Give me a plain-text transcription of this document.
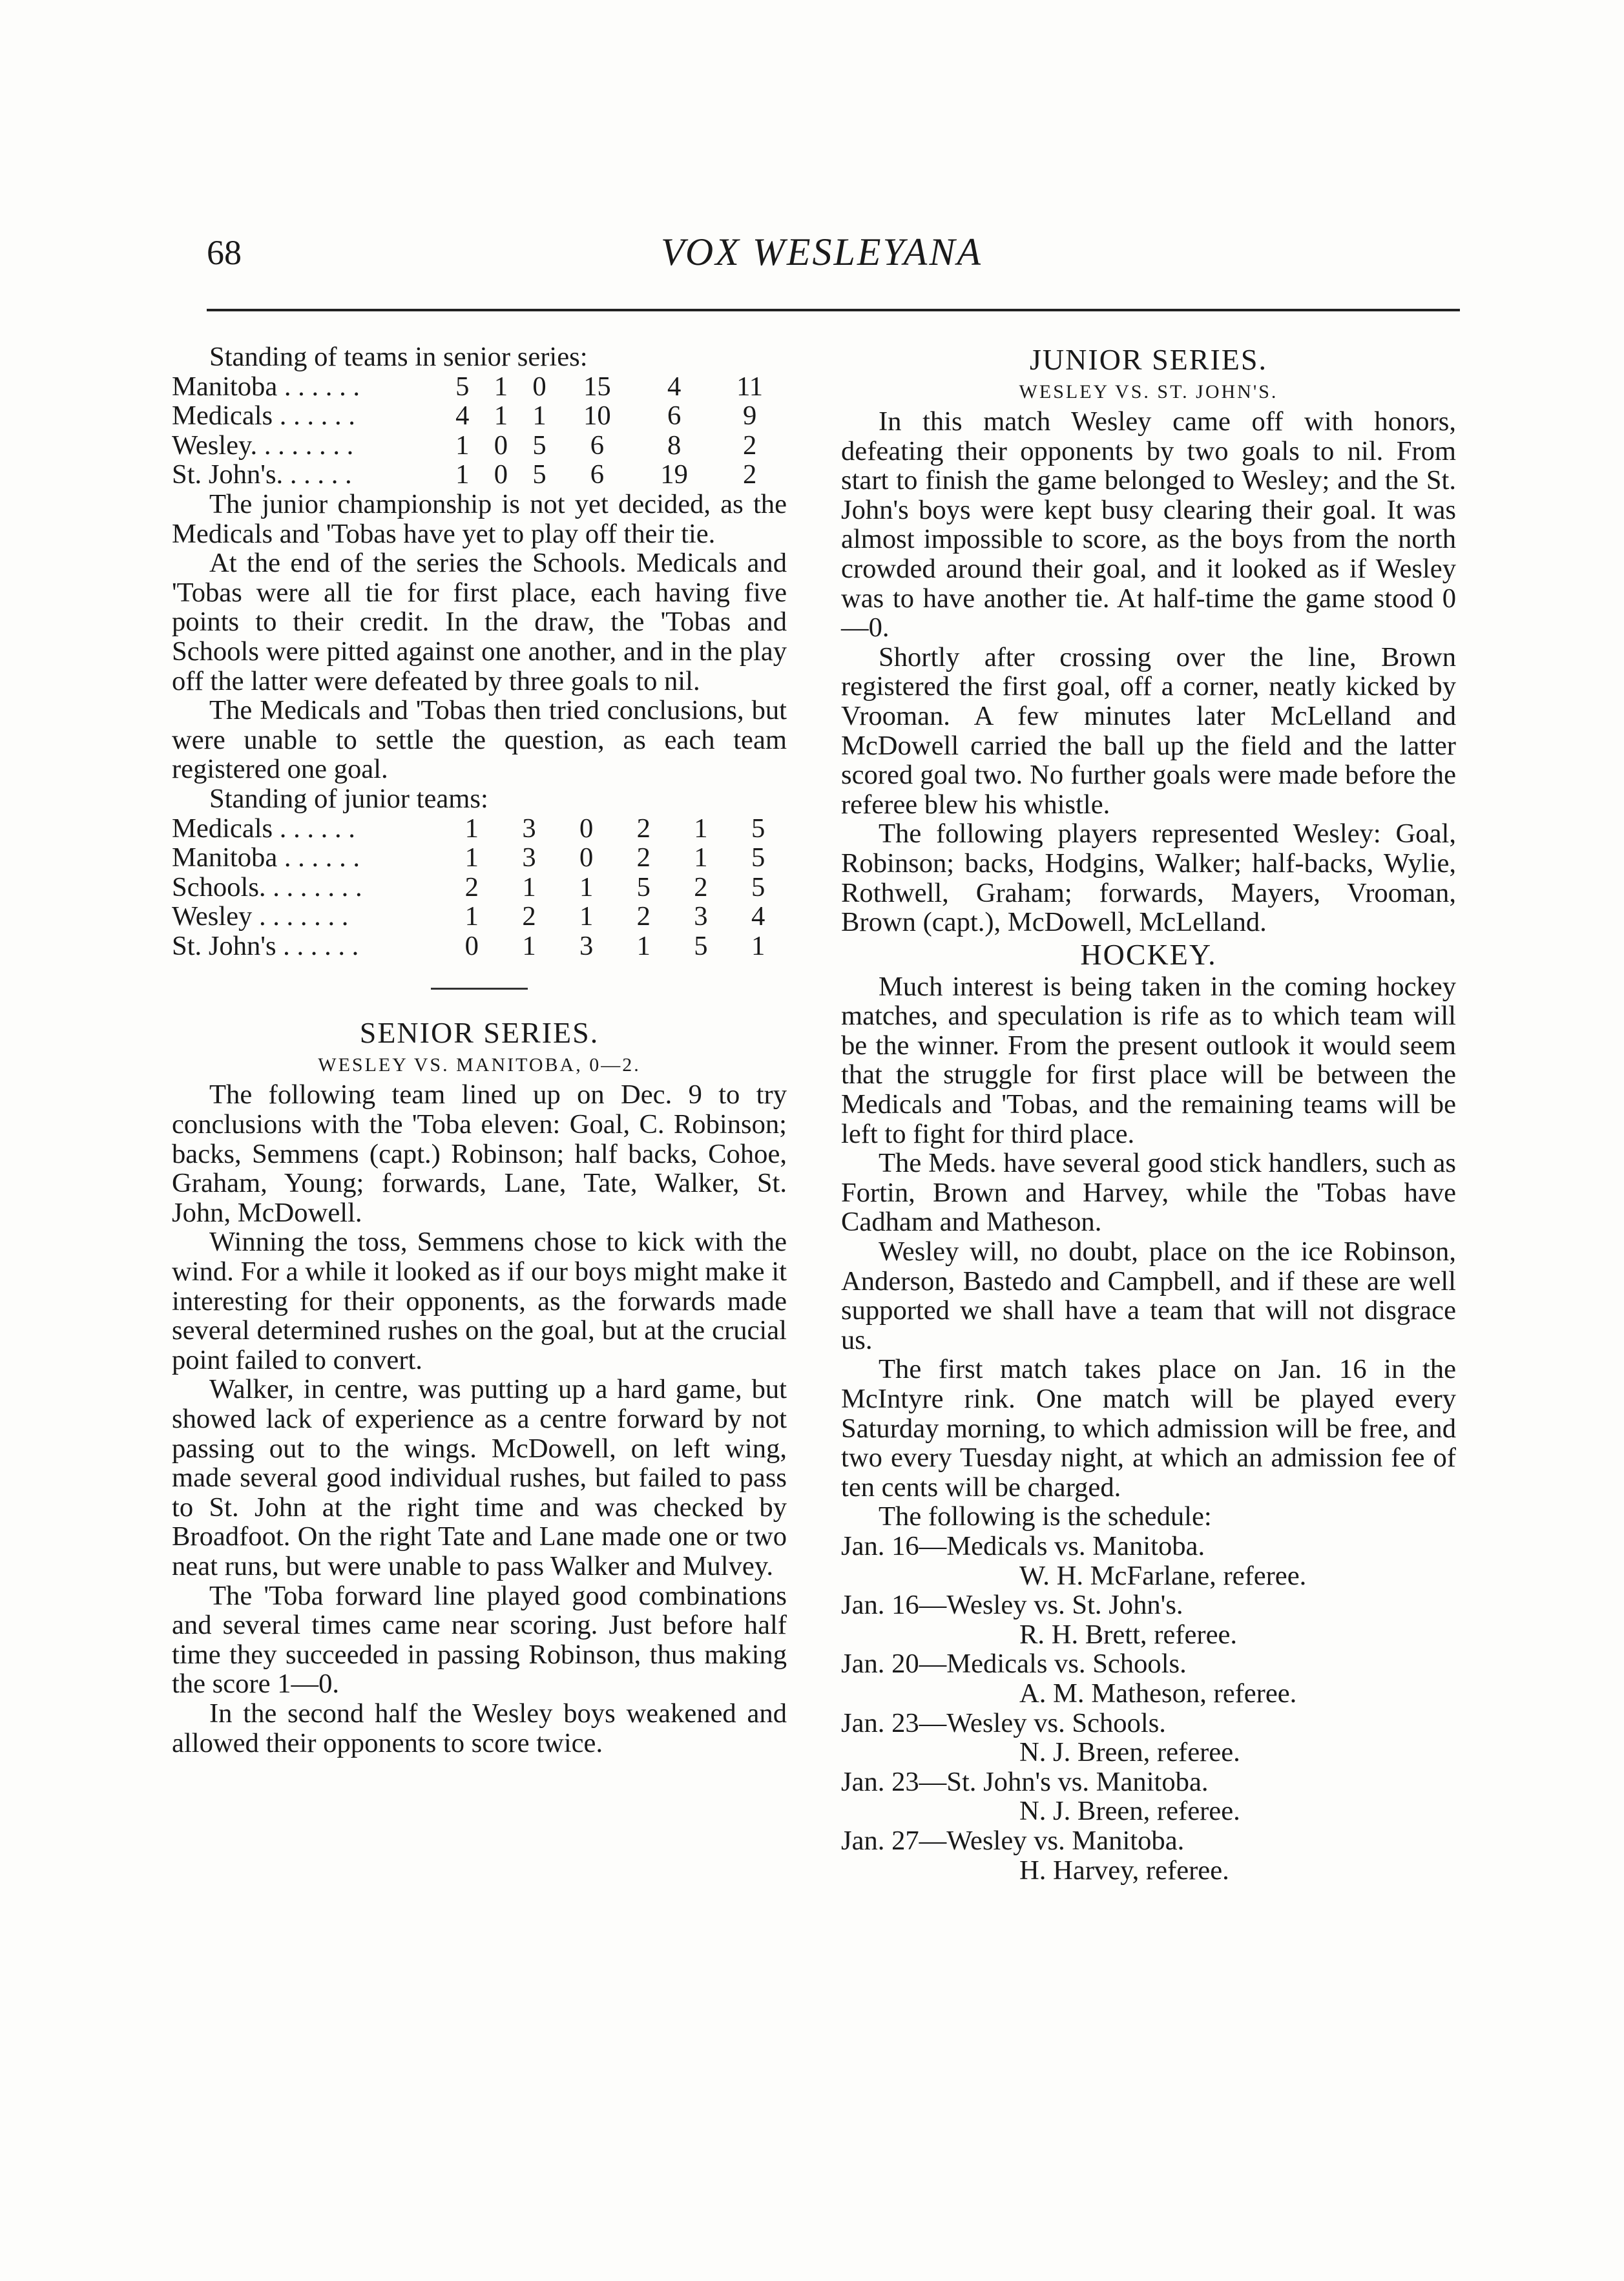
68	VOX WESLEYANA

Standing of teams in senior series:

Manitoba . . . . . .	5	1	0	15	4	11
Medicals . . . . . .	4	1	1	10	6	9
Wesley. . . . . . . .	1	0	5	6	8	2
St. John's. . . . . .	1	0	5	6	19	2

The junior championship is not yet decided, as the Medicals and 'Tobas have yet to play off their tie.

At the end of the series the Schools. Medicals and 'Tobas were all tie for first place, each having five points to their credit. In the draw, the 'Tobas and Schools were pitted against one another, and in the play off the latter were defeated by three goals to nil.

The Medicals and 'Tobas then tried conclusions, but were unable to settle the question, as each team registered one goal.

Standing of junior teams:

Medicals . . . . . .	1	3	0	2	1	5
Manitoba . . . . . .	1	3	0	2	1	5
Schools. . . . . . . .	2	1	1	5	2	5
Wesley . . . . . . .	1	2	1	2	3	4
St. John's . . . . . .	0	1	3	1	5	1
SENIOR SERIES.
WESLEY VS. MANITOBA, 0—2.

The following team lined up on Dec. 9 to try conclusions with the 'Toba eleven: Goal, C. Robinson; backs, Semmens (capt.) Robinson; half backs, Cohoe, Graham, Young; forwards, Lane, Tate, Walker, St. John, McDowell.

Winning the toss, Semmens chose to kick with the wind. For a while it looked as if our boys might make it interesting for their opponents, as the forwards made several determined rushes on the goal, but at the crucial point failed to convert.

Walker, in centre, was putting up a hard game, but showed lack of experience as a centre forward by not passing out to the wings. McDowell, on left wing, made several good individual rushes, but failed to pass to St. John at the right time and was checked by Broadfoot. On the right Tate and Lane made one or two neat runs, but were unable to pass Walker and Mulvey.

The 'Toba forward line played good combinations and several times came near scoring. Just before half time they succeeded in passing Robinson, thus making the score 1—0.

In the second half the Wesley boys weakened and allowed their opponents to score twice.

JUNIOR SERIES.
WESLEY VS. ST. JOHN'S.

In this match Wesley came off with honors, defeating their opponents by two goals to nil. From start to finish the game belonged to Wesley; and the St. John's boys were kept busy clearing their goal. It was almost impossible to score, as the boys from the north crowded around their goal, and it looked as if Wesley was to have another tie. At half-time the game stood 0—0.

Shortly after crossing over the line, Brown registered the first goal, off a corner, neatly kicked by Vrooman. A few minutes later McLelland and McDowell carried the ball up the field and the latter scored goal two. No further goals were made before the referee blew his whistle.

The following players represented Wesley: Goal, Robinson; backs, Hodgins, Walker; half-backs, Wylie, Rothwell, Graham; forwards, Mayers, Vrooman, Brown (capt.), McDowell, McLelland.

HOCKEY.

Much interest is being taken in the coming hockey matches, and speculation is rife as to which team will be the winner. From the present outlook it would seem that the struggle for first place will be between the Medicals and 'Tobas, and the remaining teams will be left to fight for third place.

The Meds. have several good stick handlers, such as Fortin, Brown and Harvey, while the 'Tobas have Cadham and Matheson.

Wesley will, no doubt, place on the ice Robinson, Anderson, Bastedo and Campbell, and if these are well supported we shall have a team that will not disgrace us.

The first match takes place on Jan. 16 in the McIntyre rink. One match will be played every Saturday morning, to which admission will be free, and two every Tuesday night, at which an admission fee of ten cents will be charged.

The following is the schedule:

Jan. 16—Medicals vs. Manitoba.

W. H. McFarlane, referee.

Jan. 16—Wesley vs. St. John's.

R. H. Brett, referee.

Jan. 20—Medicals vs. Schools.

A. M. Matheson, referee.

Jan. 23—Wesley vs. Schools.

N. J. Breen, referee.

Jan. 23—St. John's vs. Manitoba.

N. J. Breen, referee.

Jan. 27—Wesley vs. Manitoba.

H. Harvey, referee.
